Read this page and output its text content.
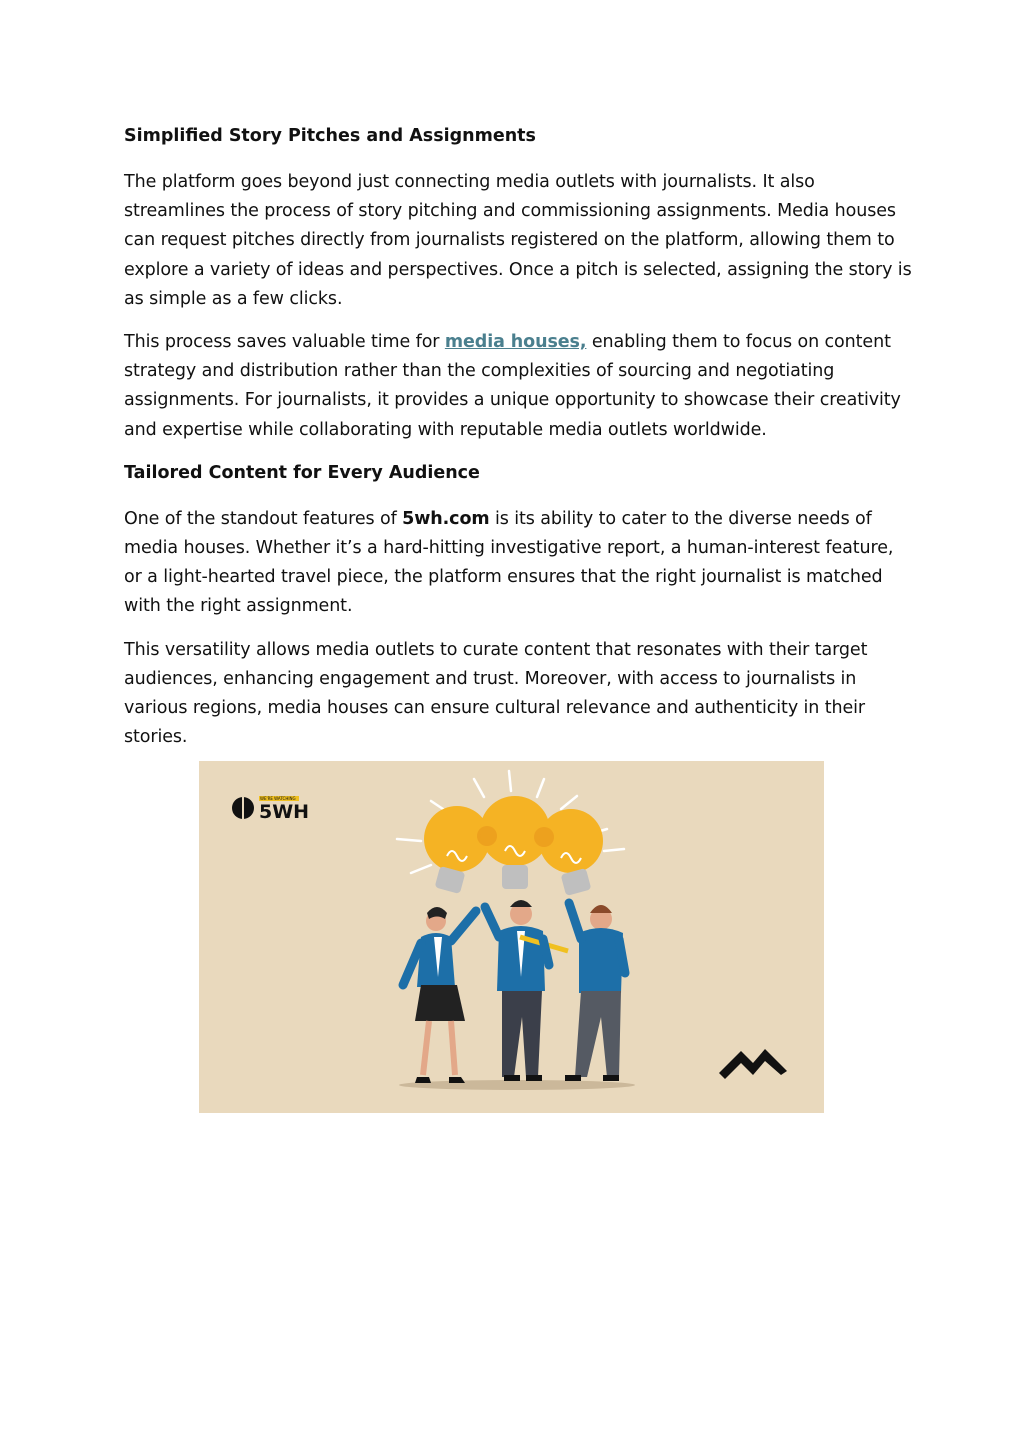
Simplified Story Pitches and Assignments

The platform goes beyond just connecting media outlets with journalists. It also streamlines the process of story pitching and commissioning assignments. Media houses can request pitches directly from journalists registered on the platform, allowing them to explore a variety of ideas and perspectives. Once a pitch is selected, assigning the story is as simple as a few clicks.

This process saves valuable time for media houses, enabling them to focus on content strategy and distribution rather than the complexities of sourcing and negotiating assignments. For journalists, it provides a unique opportunity to showcase their creativity and expertise while collaborating with reputable media outlets worldwide.

Tailored Content for Every Audience

One of the standout features of 5wh.com is its ability to cater to the diverse needs of media houses. Whether it’s a hard-hitting investigative report, a human-interest feature, or a light-hearted travel piece, the platform ensures that the right journalist is matched with the right assignment.

This versatility allows media outlets to curate content that resonates with their target audiences, enhancing engagement and trust. Moreover, with access to journalists in various regions, media houses can ensure cultural relevance and authenticity in their stories.

WE'RE WATCHING
5WH
